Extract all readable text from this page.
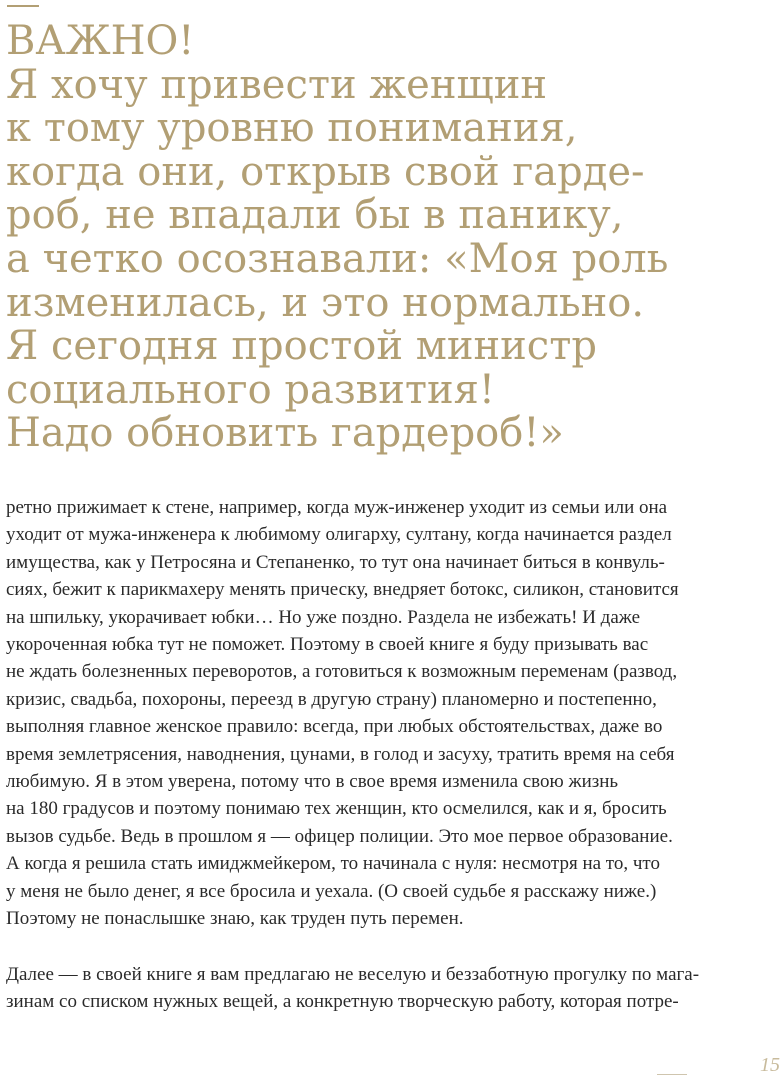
ВАЖНО!
Я хочу привести женщин
к тому уровню понимания,
когда они, открыв свой гарде-
роб, не впадали бы в панику,
а четко осознавали: «Моя роль
изменилась, и это нормально.
Я сегодня простой министр
социального развития!
Надо обновить гардероб!»

ретно прижимает к стене, например, когда муж-инженер уходит из семьи или она
уходит от мужа-инженера к любимому олигарху, султану, когда начинается раздел
имущества, как у Петросяна и Степаненко, то тут она начинает биться в конвуль-
сиях, бежит к парикмахеру менять прическу, внедряет ботокс, силикон, становится
на шпильку, укорачивает юбки… Но уже поздно. Раздела не избежать! И даже
укороченная юбка тут не поможет. Поэтому в своей книге я буду призывать вас
не ждать болезненных переворотов, а готовиться к возможным переменам (развод,
кризис, свадьба, похороны, переезд в другую страну) планомерно и постепенно,
выполняя главное женское правило: всегда, при любых обстоятельствах, даже во
время землетрясения, наводнения, цунами, в голод и засуху, тратить время на себя
любимую. Я в этом уверена, потому что в свое время изменила свою жизнь
на 180 градусов и поэтому понимаю тех женщин, кто осмелился, как и я, бросить
вызов судьбе. Ведь в прошлом я — офицер полиции. Это мое первое образование.
А когда я решила стать имиджмейкером, то начинала с нуля: несмотря на то, что
у меня не было денег, я все бросила и уехала. (О своей судьбе я расскажу ниже.)
Поэтому не понаслышке знаю, как труден путь перемен.

Далее — в своей книге я вам предлагаю не веселую и беззаботную прогулку по мага-
зинам со списком нужных вещей, а конкретную творческую работу, которая потре-

15
